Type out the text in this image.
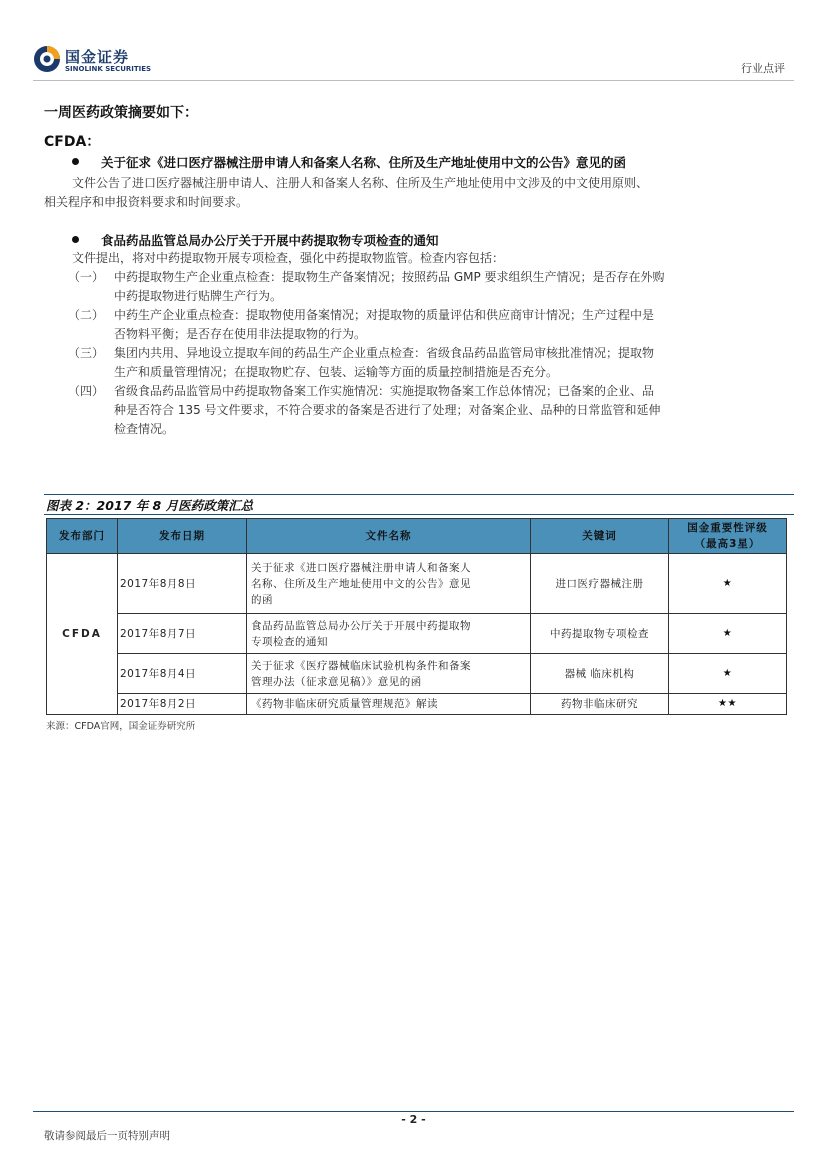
国金证券
SINOLINK SECURITIES	行业点评
一周医药政策摘要如下：
CFDA：
关于征求《进口医疗器械注册申请人和备案人名称、住所及生产地址使用中文的公告》意见的函
文件公告了进口医疗器械注册申请人、注册人和备案人名称、住所及生产地址使用中文涉及的中文使用原则、
相关程序和申报资料要求和时间要求。
食品药品监管总局办公厅关于开展中药提取物专项检查的通知
文件提出，将对中药提取物开展专项检查，强化中药提取物监管。检查内容包括：
（一） 中药提取物生产企业重点检查：提取物生产备案情况；按照药品 GMP 要求组织生产情况；是否存在外购
中药提取物进行贴牌生产行为。
（二） 中药生产企业重点检查：提取物使用备案情况；对提取物的质量评估和供应商审计情况；生产过程中是
否物料平衡；是否存在使用非法提取物的行为。
（三） 集团内共用、异地设立提取车间的药品生产企业重点检查：省级食品药品监管局审核批准情况；提取物
生产和质量管理情况；在提取物贮存、包装、运输等方面的质量控制措施是否充分。
（四） 省级食品药品监管局中药提取物备案工作实施情况：实施提取物备案工作总体情况；已备案的企业、品
种是否符合 135 号文件要求，不符合要求的备案是否进行了处理；对备案企业、品种的日常监管和延伸
检查情况。
图表 2：2017 年 8 月医药政策汇总
发布部门	发布日期	文件名称	关键词	国金重要性评级
（最高3星）

CFDA	2017年8月8日	关于征求《进口医疗器械注册申请人和备案人
名称、住所及生产地址使用中文的公告》意见
的函	进口医疗器械注册	★
	2017年8月7日	食品药品监管总局办公厅关于开展中药提取物
专项检查的通知	中药提取物专项检查	★
	2017年8月4日	关于征求《医疗器械临床试验机构条件和备案
管理办法（征求意见稿）》意见的函	器械 临床机构	★
	2017年8月2日	《药物非临床研究质量管理规范》解读	药物非临床研究	★★
来源：CFDA官网，国金证券研究所
- 2 -
敬请参阅最后一页特别声明
